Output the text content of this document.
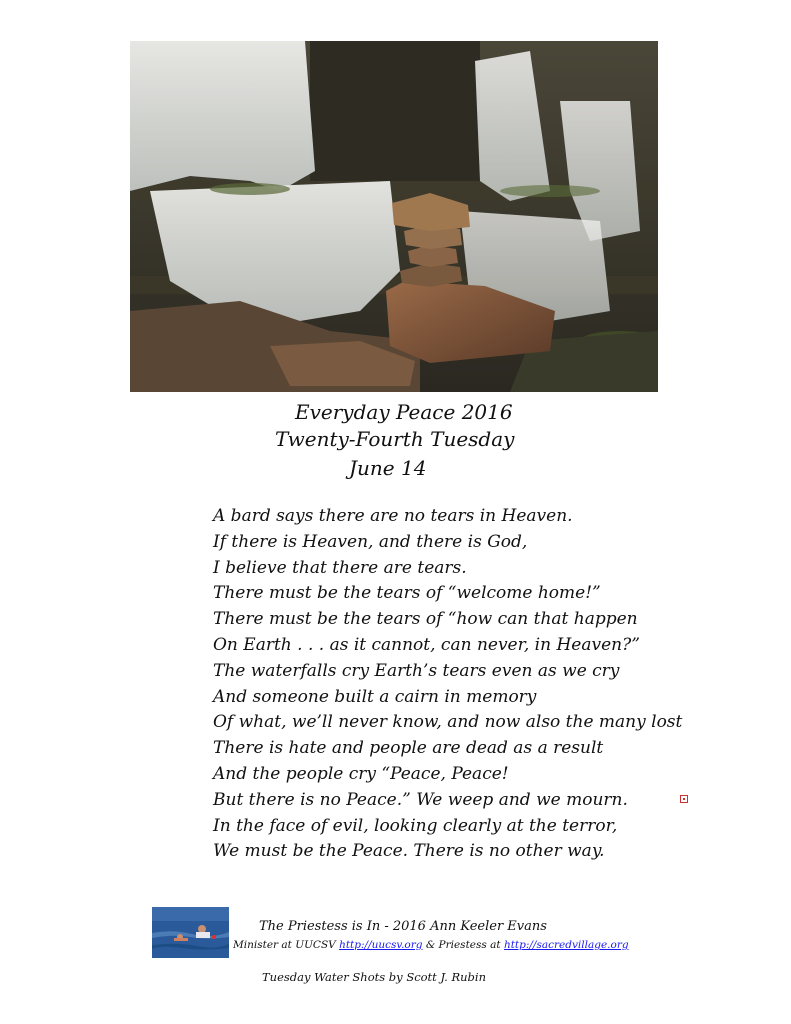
Everyday Peace 2016
Twenty-Fourth Tuesday
June 14
A bard says there are no tears in Heaven.
If there is Heaven, and there is God,
I believe that there are tears.
There must be the tears of “welcome home!”
There must be the tears of “how can that happen
On Earth . . . as it cannot, can never, in Heaven?”
The waterfalls cry Earth’s tears even as we cry
And someone built a cairn in memory
Of what, we’ll never know, and now also the many lost
There is hate and people are dead as a result
And the people cry “Peace, Peace!
But there is no Peace.” We weep and we mourn.
In the face of evil, looking clearly at the terror,
We must be the Peace. There is no other way.
The Priestess is In - 2016 Ann Keeler Evans
Minister at UUCSV http://uucsv.org & Priestess at http://sacredvillage.org
Tuesday Water Shots by Scott J. Rubin
